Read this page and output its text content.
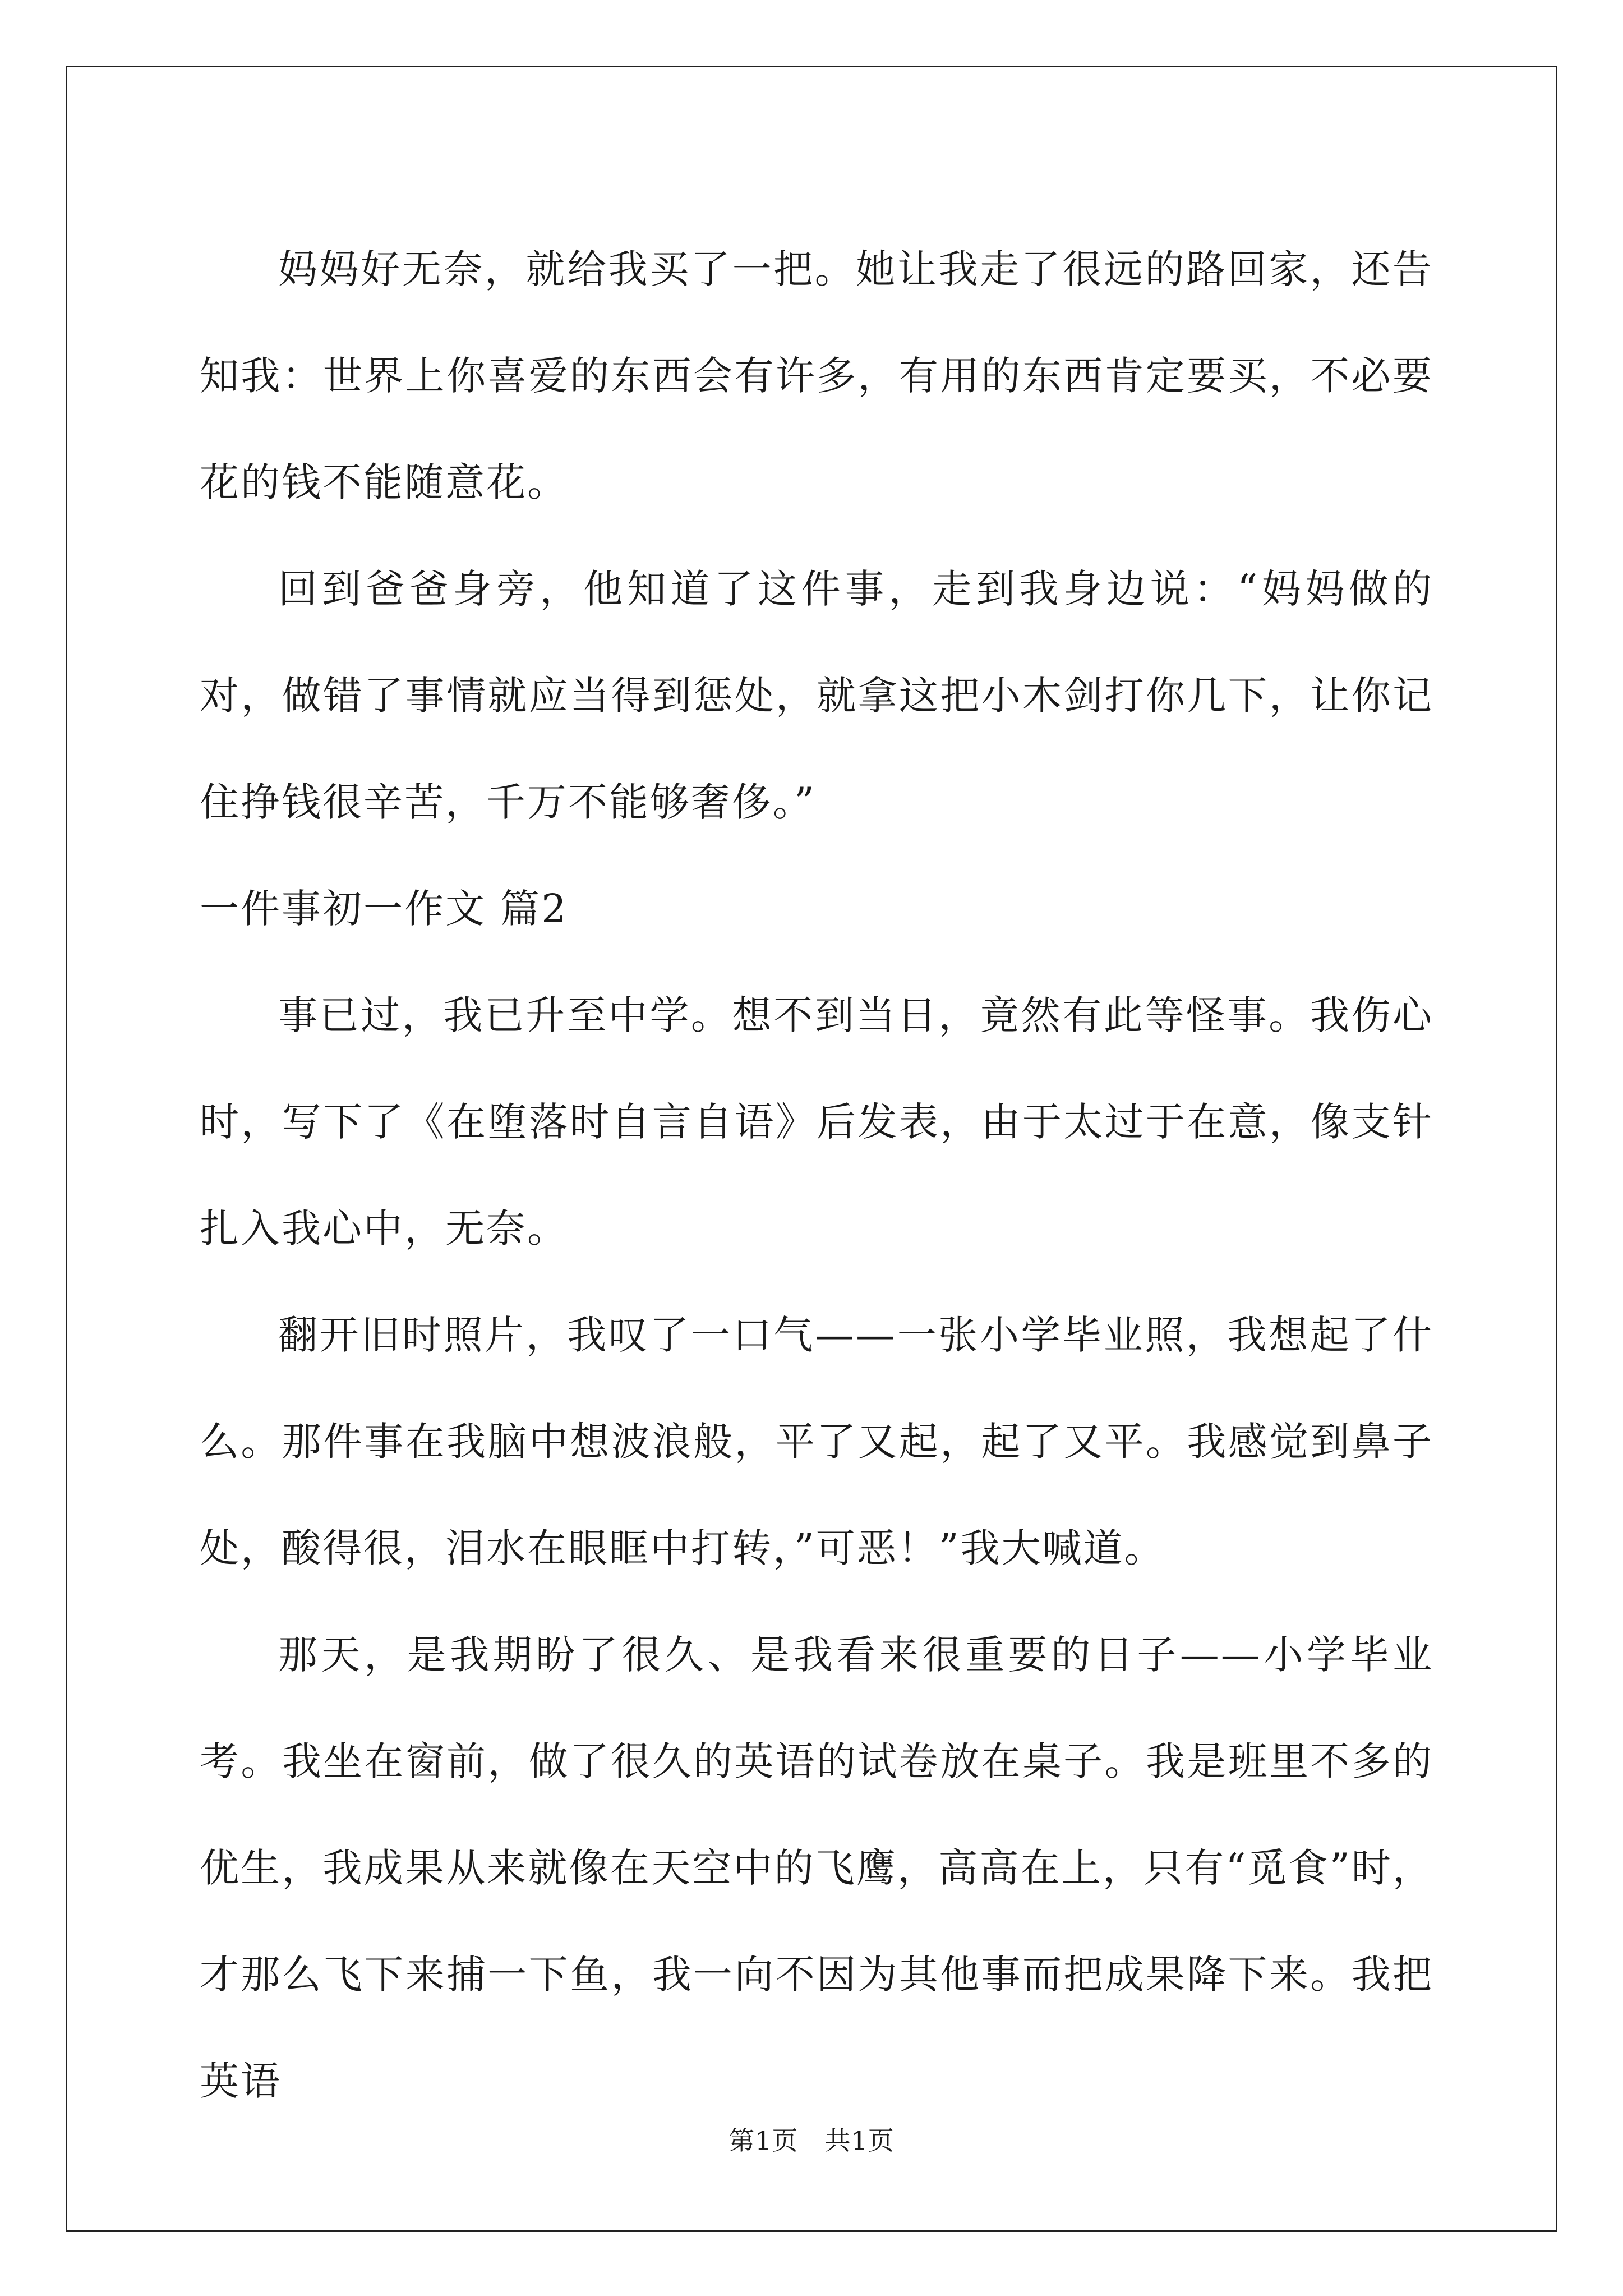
妈妈好无奈，就给我买了一把。她让我走了很远的路回家，还告知我：世界上你喜爱的东西会有许多，有用的东西肯定要买，不必要花的钱不能随意花。

回到爸爸身旁，他知道了这件事，走到我身边说：“妈妈做的对，做错了事情就应当得到惩处，就拿这把小木剑打你几下，让你记住挣钱很辛苦，千万不能够奢侈。”

一件事初一作文 篇2

事已过，我已升至中学。想不到当日，竟然有此等怪事。我伤心时，写下了《在堕落时自言自语》后发表，由于太过于在意，像支针扎入我心中，无奈。

翻开旧时照片，我叹了一口气——一张小学毕业照，我想起了什么。那件事在我脑中想波浪般，平了又起，起了又平。我感觉到鼻子处，酸得很，泪水在眼眶中打转，”可恶！”我大喊道。

那天，是我期盼了很久、是我看来很重要的日子——小学毕业考。我坐在窗前，做了很久的英语的试卷放在桌子。我是班里不多的优生，我成果从来就像在天空中的飞鹰，高高在上，只有“觅食”时，才那么飞下来捕一下鱼，我一向不因为其他事而把成果降下来。我把英语

第1页　共1页
